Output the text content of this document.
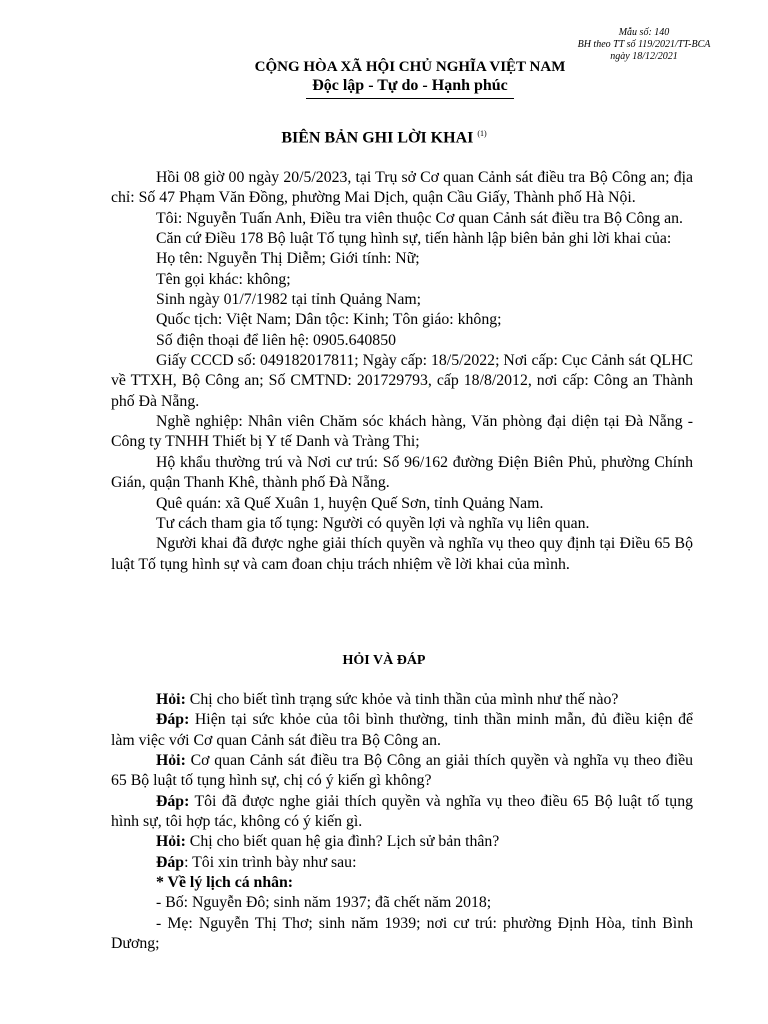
Mẫu số: 140
BH theo TT số 119/2021/TT-BCA
ngày 18/12/2021
CỘNG HÒA XÃ HỘI CHỦ NGHĨA VIỆT NAM
Độc lập - Tự do - Hạnh phúc
BIÊN BẢN GHI LỜI KHAI $^{(1)}$

Hồi 08 giờ 00 ngày 20/5/2023, tại Trụ sở Cơ quan Cảnh sát điều tra Bộ Công an; địa chỉ: Số 47 Phạm Văn Đồng, phường Mai Dịch, quận Cầu Giấy, Thành phố Hà Nội.

Tôi: Nguyễn Tuấn Anh, Điều tra viên thuộc Cơ quan Cảnh sát điều tra Bộ Công an.

Căn cứ Điều 178 Bộ luật Tố tụng hình sự, tiến hành lập biên bản ghi lời khai của:

Họ tên: Nguyễn Thị Diễm; Giới tính: Nữ;

Tên gọi khác: không;

Sinh ngày 01/7/1982 tại tỉnh Quảng Nam;

Quốc tịch: Việt Nam; Dân tộc: Kinh; Tôn giáo: không;

Số điện thoại để liên hệ: 0905.640850

Giấy CCCD số: 049182017811; Ngày cấp: 18/5/2022; Nơi cấp: Cục Cảnh sát QLHC về TTXH, Bộ Công an; Số CMTND: 201729793, cấp 18/8/2012, nơi cấp: Công an Thành phố Đà Nẵng.

Nghề nghiệp: Nhân viên Chăm sóc khách hàng, Văn phòng đại diện tại Đà Nẵng - Công ty TNHH Thiết bị Y tế Danh và Tràng Thi;

Hộ khẩu thường trú và Nơi cư trú: Số 96/162 đường Điện Biên Phủ, phường Chính Gián, quận Thanh Khê, thành phố Đà Nẵng.

Quê quán: xã Quế Xuân 1, huyện Quế Sơn, tỉnh Quảng Nam.

Tư cách tham gia tố tụng: Người có quyền lợi và nghĩa vụ liên quan.

Người khai đã được nghe giải thích quyền và nghĩa vụ theo quy định tại Điều 65 Bộ luật Tố tụng hình sự và cam đoan chịu trách nhiệm về lời khai của mình.

HỎI VÀ ĐÁP

Hỏi: Chị cho biết tình trạng sức khỏe và tinh thần của mình như thế nào?

Đáp: Hiện tại sức khỏe của tôi bình thường, tinh thần minh mẫn, đủ điều kiện để làm việc với Cơ quan Cảnh sát điều tra Bộ Công an.

Hỏi: Cơ quan Cảnh sát điều tra Bộ Công an giải thích quyền và nghĩa vụ theo điều 65 Bộ luật tố tụng hình sự, chị có ý kiến gì không?

Đáp: Tôi đã được nghe giải thích quyền và nghĩa vụ theo điều 65 Bộ luật tố tụng hình sự, tôi hợp tác, không có ý kiến gì.

Hỏi: Chị cho biết quan hệ gia đình? Lịch sử bản thân?

Đáp: Tôi xin trình bày như sau:

* Về lý lịch cá nhân:

- Bố: Nguyễn Đô; sinh năm 1937; đã chết năm 2018;

- Mẹ: Nguyễn Thị Thơ; sinh năm 1939; nơi cư trú: phường Định Hòa, tỉnh Bình Dương;
